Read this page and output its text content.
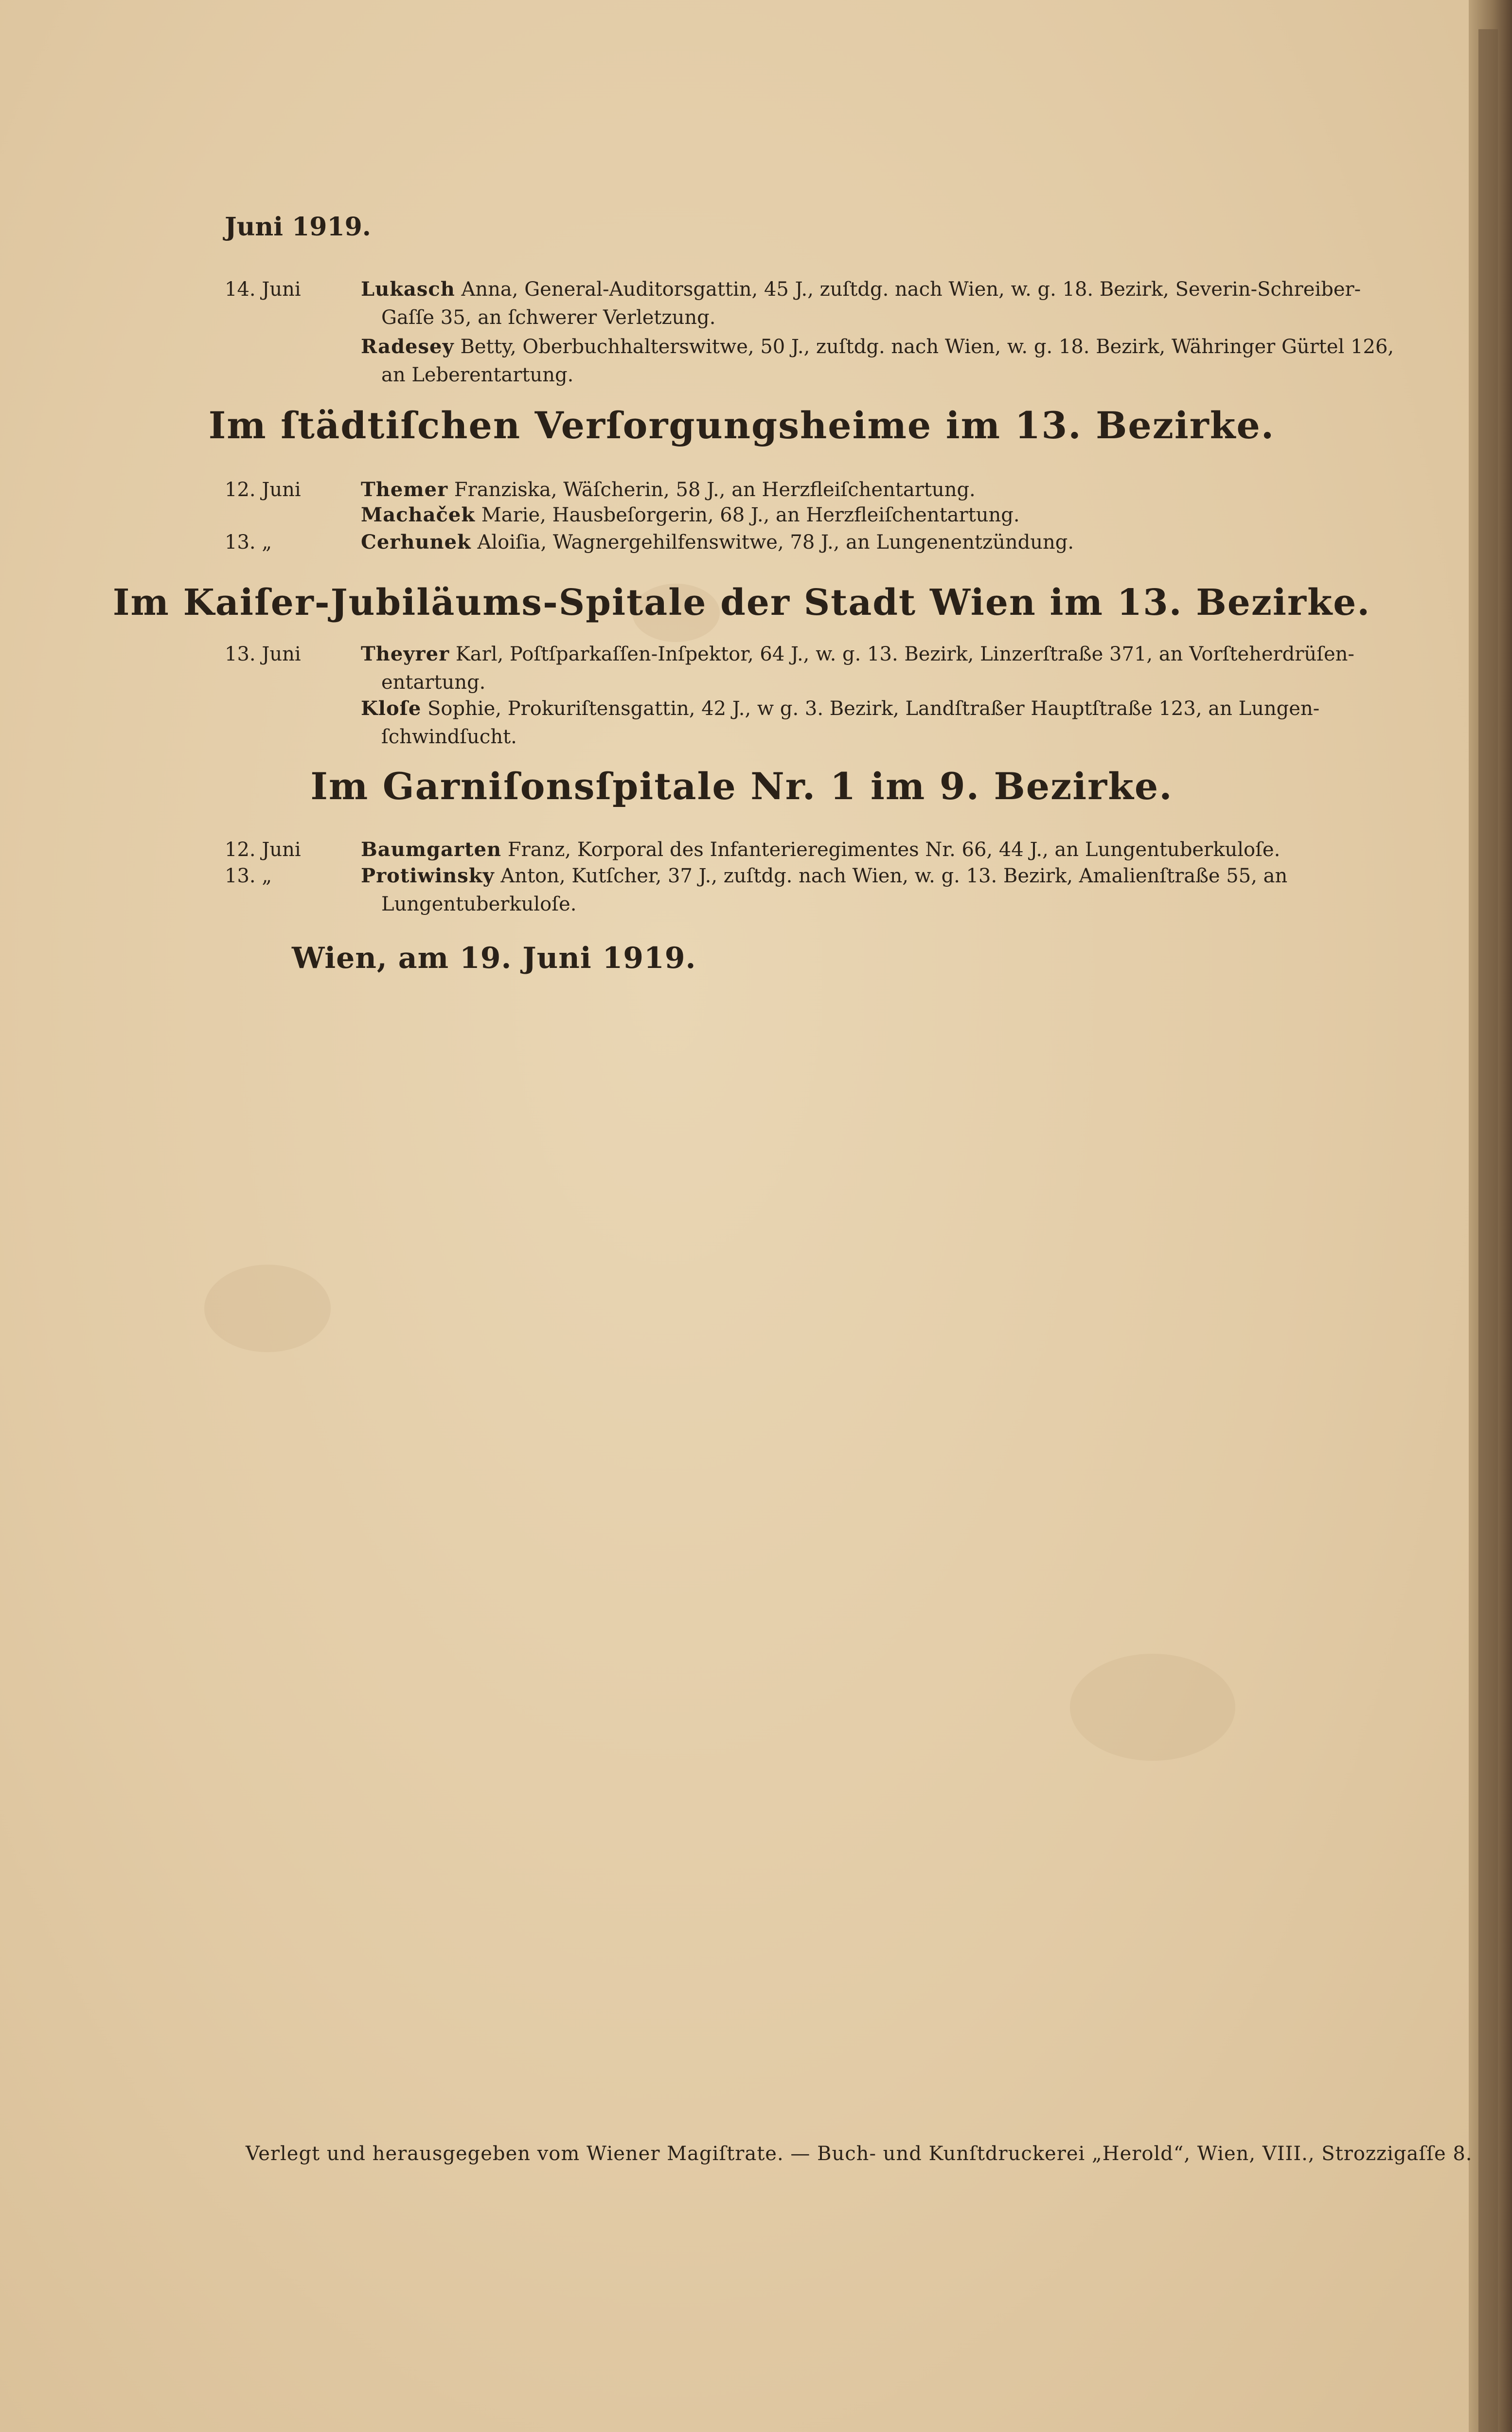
Juni 1919.
14. Juni	Lukasch Anna, General-Auditorsgattin, 45 J., zuſtdg. nach Wien, w. g. 18. Bezirk, Severin-Schreiber-
Gaſſe 35, an ſchwerer Verletzung.
Radesey Betty, Oberbuchhalterswitwe, 50 J., zuſtdg. nach Wien, w. g. 18. Bezirk, Währinger Gürtel 126,
an Leberentartung.
Im ſtädtiſchen Verſorgungsheime im 13. Bezirke.
12. Juni	Themer Franziska, Wäſcherin, 58 J., an Herzfleiſchentartung.
Machaček Marie, Hausbeſorgerin, 68 J., an Herzfleiſchentartung.
13. „	Cerhunek Aloiſia, Wagnergehilfenswitwe, 78 J., an Lungenentzündung.
Im Kaiſer-Jubiläums-Spitale der Stadt Wien im 13. Bezirke.
13. Juni	Theyrer Karl, Poſtſparkaſſen-Inſpektor, 64 J., w. g. 13. Bezirk, Linzerſtraße 371, an Vorſteherdrüſen-
entartung.
Kloſe Sophie, Prokuriſtensgattin, 42 J., w g. 3. Bezirk, Landſtraßer Hauptſtraße 123, an Lungen-
ſchwindſucht.
Im Garniſonsſpitale Nr. 1 im 9. Bezirke.
12. Juni	Baumgarten Franz, Korporal des Infanterieregimentes Nr. 66, 44 J., an Lungentuberkuloſe.
13. „	Protiwinsky Anton, Kutſcher, 37 J., zuſtdg. nach Wien, w. g. 13. Bezirk, Amalienſtraße 55, an
Lungentuberkuloſe.
Wien, am 19. Juni 1919.
Verlegt und herausgegeben vom Wiener Magiſtrate. — Buch- und Kunſtdruckerei „Herold“, Wien, VIII., Strozzigaſſe 8.
